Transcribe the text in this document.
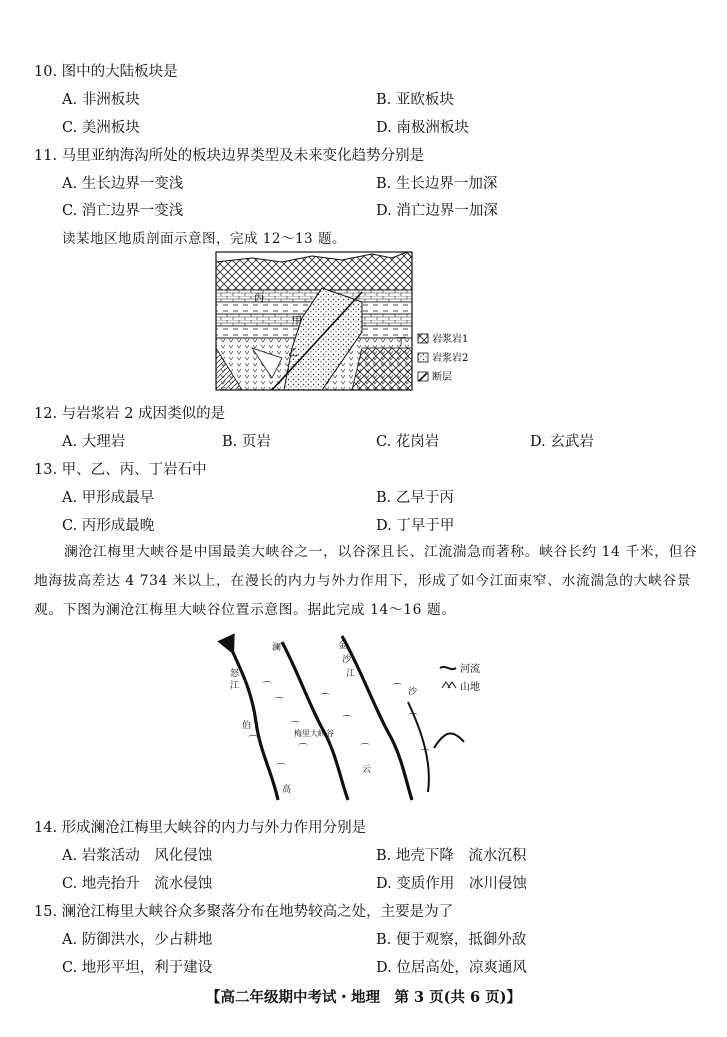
10. 图中的大陆板块是
A. 非洲板块	B. 亚欧板块
C. 美洲板块	D. 南极洲板块
11. 马里亚纳海沟所处的板块边界类型及未来变化趋势分别是
A. 生长边界一变浅	B. 生长边界一加深
C. 消亡边界一变浅	D. 消亡边界一加深
读某地区地质剖面示意图，完成 12～13 题。
丙
甲
乙
丁	岩浆岩1
岩浆岩2
断层
12. 与岩浆岩 2 成因类似的是
A. 大理岩	B. 页岩	C. 花岗岩	D. 玄武岩
13. 甲、乙、丙、丁岩石中
A. 甲形成最早	B. 乙早于丙
C. 丙形成最晚	D. 丁早于甲
澜沧江梅里大峡谷是中国最美大峡谷之一，以谷深且长、江流湍急而著称。峡谷长约 14 千米，但谷地海拔高差达 4 734 米以上，在漫长的内力与外力作用下，形成了如今江面束窄、水流湍急的大峡谷景观。下图为澜沧江梅里大峡谷位置示意图。据此完成 14～16 题。
⌒
⌒
⌒
⌒
⌒
⌒
⌒
⌒
⌒
⌒
⌒
⌒
怒
江
澜	金
沙
江
梅里大峡谷
伯
高
云
沙
河流
山地
14. 形成澜沧江梅里大峡谷的内力与外力作用分别是
A. 岩浆活动　风化侵蚀	B. 地壳下降　流水沉积
C. 地壳抬升　流水侵蚀	D. 变质作用　冰川侵蚀
15. 澜沧江梅里大峡谷众多聚落分布在地势较高之处，主要是为了
A. 防御洪水，少占耕地	B. 便于观察，抵御外敌
C. 地形平坦，利于建设	D. 位居高处，凉爽通风
【高二年级期中考试・地理　第 3 页(共 6 页)】
